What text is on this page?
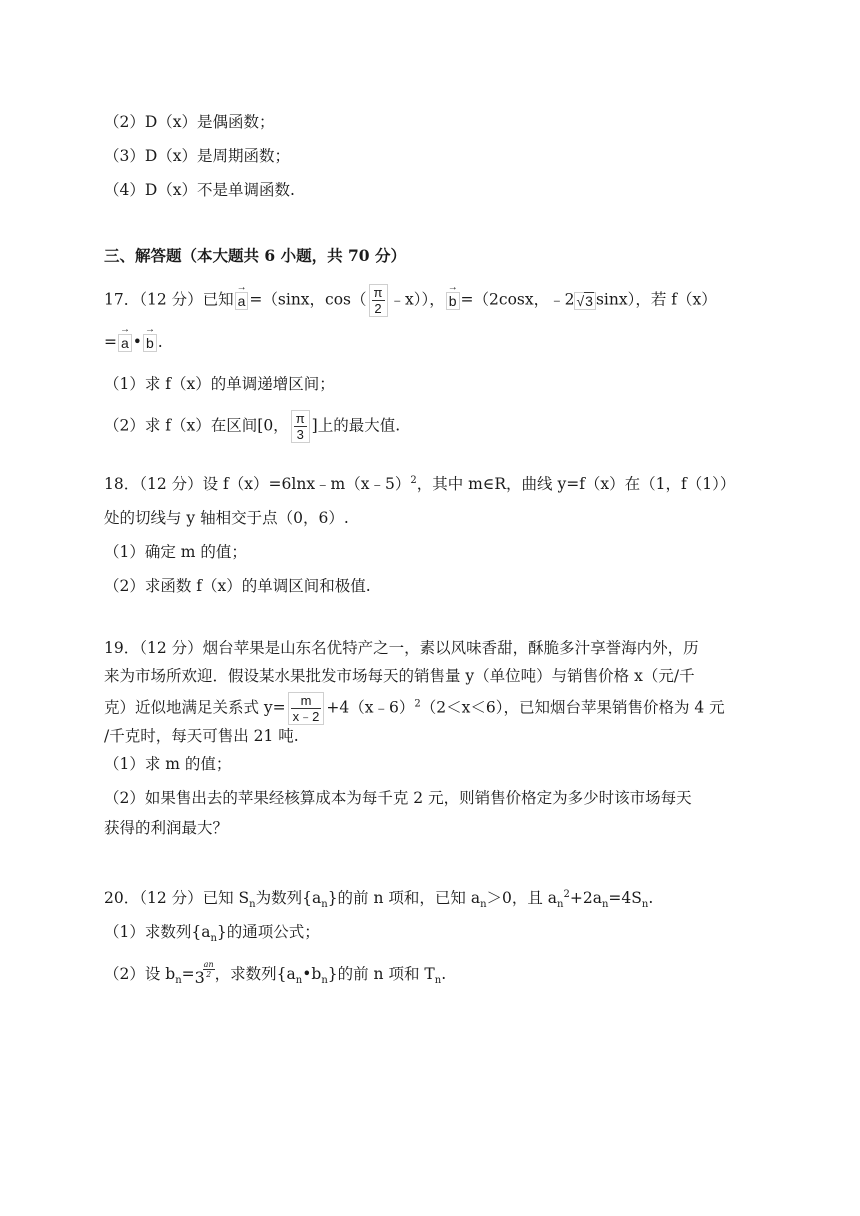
（2）D（x）是偶函数；
（3）D（x）是周期函数；
（4）D（x）不是单调函数.
三、解答题（本大题共 6 小题，共 70 分）
17．（12 分）已知 → a =（sinx，$\cos( \frac{\pi}{2}$ ﹣x））， → b =（2cosx，﹣2 √3 sinx），若 f（x）
= → a • → b .
（1）求 f（x）的单调递增区间；
（2）求 f（x）在区间[0， $\frac{\pi}{3}$ ]上的最大值.
18．（12 分）设 f（x）=6lnx﹣m（x﹣5）$^2$，其中 m∈R，曲线 y=f（x）在（1，f（1））
处的切线与 y 轴相交于点（0，6）.
（1）确定 m 的值；
（2）求函数 f（x）的单调区间和极值.
19．（12 分）烟台苹果是山东名优特产之一，素以风味香甜，酥脆多汁享誉海内外，历
来为市场所欢迎．假设某水果批发市场每天的销售量 y（单位吨）与销售价格 x（元/千
克）近似地满足关系式 $y= \frac{m}{x﹣2}$ +4（x﹣6）$^2$（2＜x＜6），已知烟台苹果销售价格为 4 元
/千克时，每天可售出 21 吨.
（1）求 m 的值；
（2）如果售出去的苹果经核算成本为每千克 2 元，则销售价格定为多少时该市场每天
获得的利润最大？
20．（12 分）已知 $S_n$为数列$\{a_n\}$的前 n 项和，已知 $a_n>0$，且 $a_n^2+2a_n=4S_n$.
（1）求数列$\{a_n\}$的通项公式；
（2）设 $b_n= 3$
$\frac{an}{2}$ ，求数列$\{a_n•b_n\}$的前 n 项和 $T_n$.
